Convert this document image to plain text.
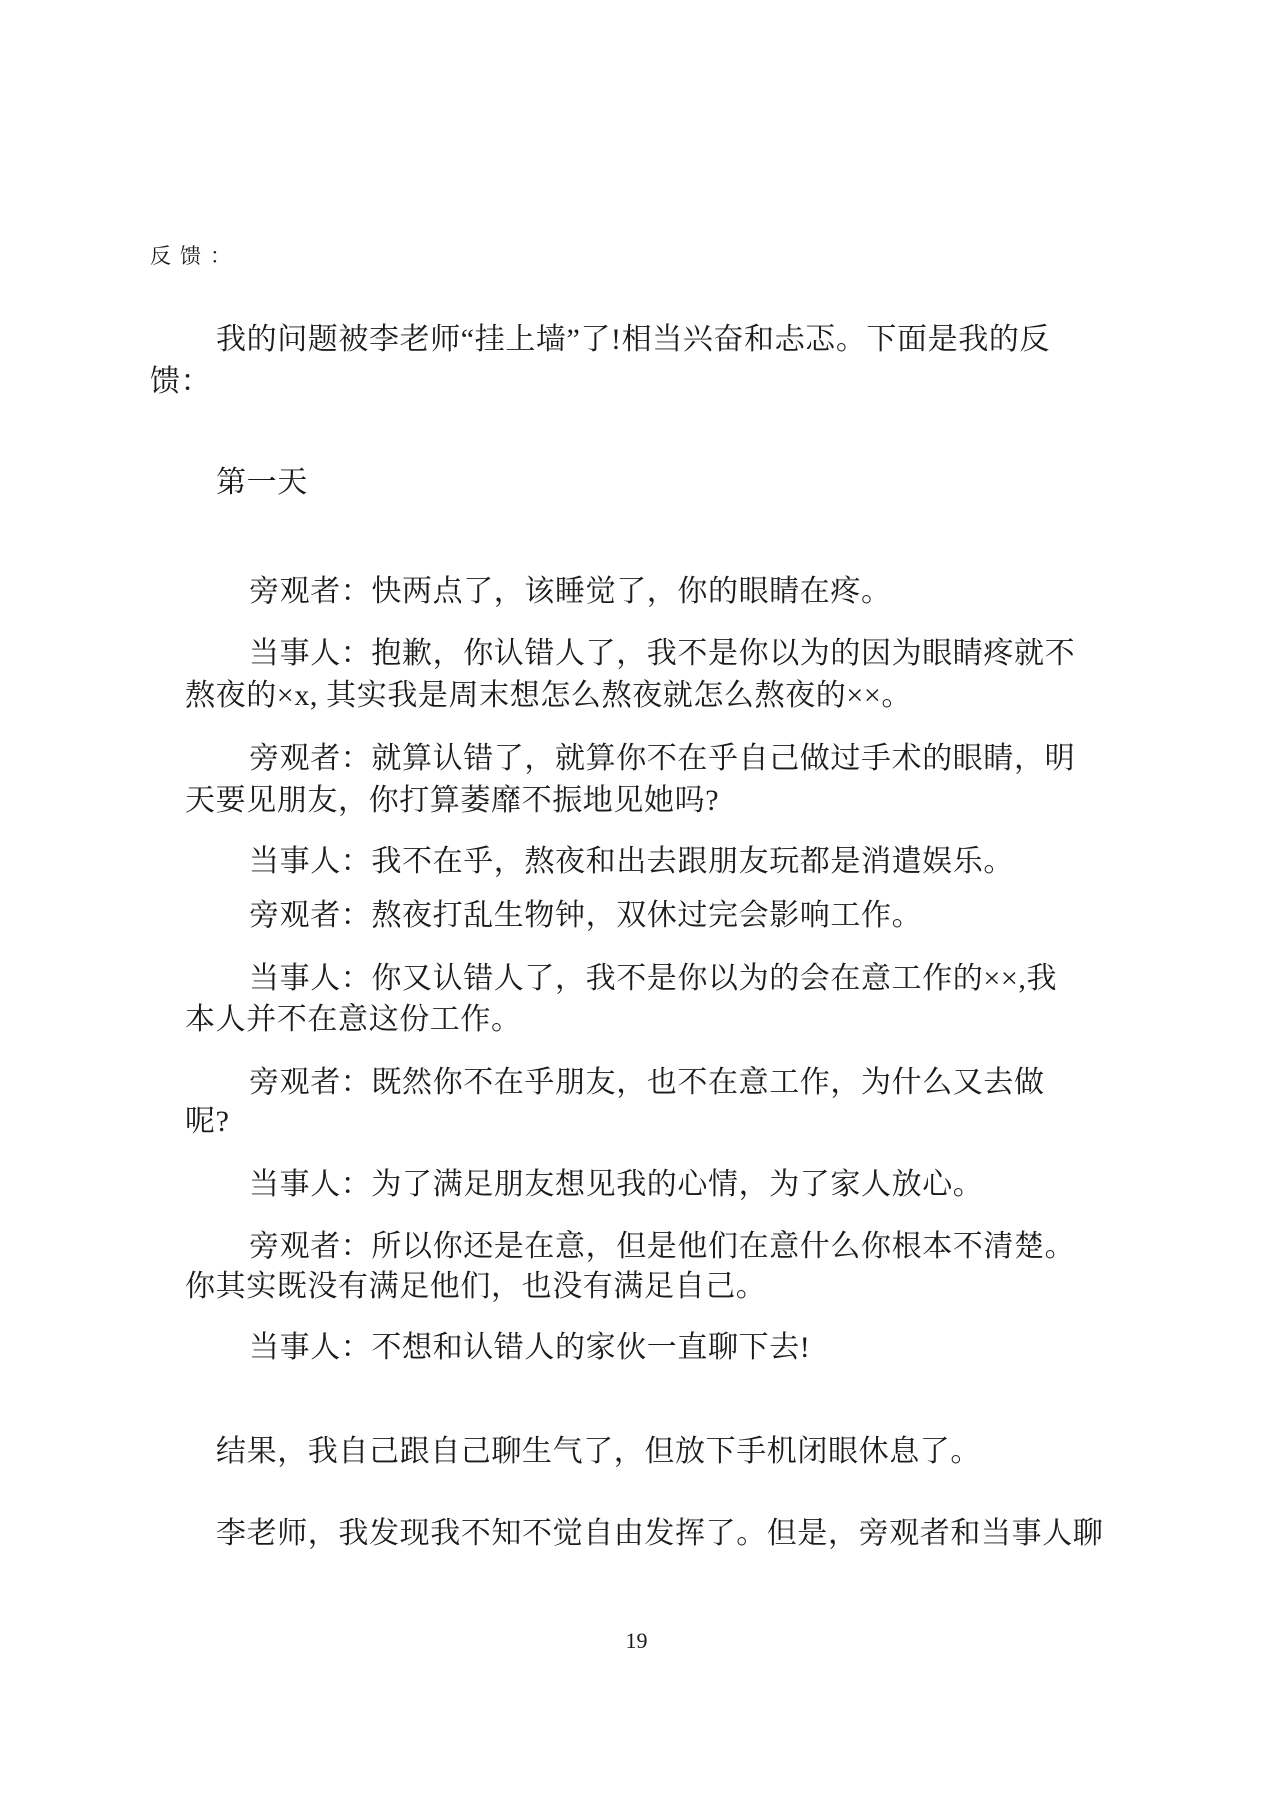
反馈：
我的问题被李老师“挂上墙”了!相当兴奋和忐忑。下面是我的反
馈：
第一天
旁观者：快两点了，该睡觉了，你的眼睛在疼。
当事人：抱歉，你认错人了，我不是你以为的因为眼睛疼就不
熬夜的×x, 其实我是周末想怎么熬夜就怎么熬夜的××。
旁观者：就算认错了，就算你不在乎自己做过手术的眼睛，明
天要见朋友，你打算萎靡不振地见她吗?
当事人：我不在乎，熬夜和出去跟朋友玩都是消遣娱乐。
旁观者：熬夜打乱生物钟，双休过完会影响工作。
当事人：你又认错人了，我不是你以为的会在意工作的××,我
本人并不在意这份工作。
旁观者：既然你不在乎朋友，也不在意工作，为什么又去做
呢?
当事人：为了满足朋友想见我的心情，为了家人放心。
旁观者：所以你还是在意，但是他们在意什么你根本不清楚。
你其实既没有满足他们，也没有满足自己。
当事人：不想和认错人的家伙一直聊下去!
结果，我自己跟自己聊生气了，但放下手机闭眼休息了。
李老师，我发现我不知不觉自由发挥了。但是，旁观者和当事人聊
19
